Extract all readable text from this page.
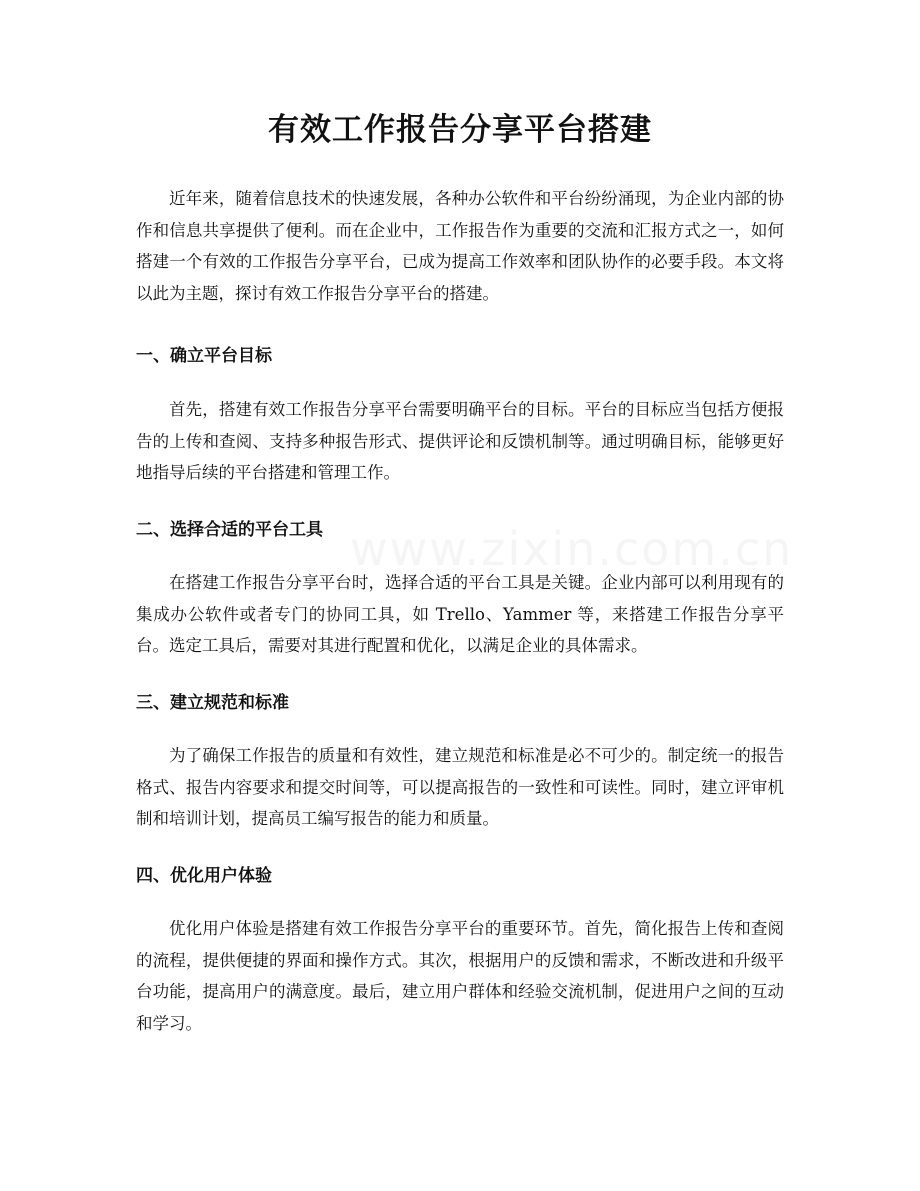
www.zixin.com.cn
有效工作报告分享平台搭建

近年来，随着信息技术的快速发展，各种办公软件和平台纷纷涌现，为企业内部的协作和信息共享提供了便利。而在企业中，工作报告作为重要的交流和汇报方式之一，如何搭建一个有效的工作报告分享平台，已成为提高工作效率和团队协作的必要手段。本文将以此为主题，探讨有效工作报告分享平台的搭建。

一、确立平台目标

首先，搭建有效工作报告分享平台需要明确平台的目标。平台的目标应当包括方便报告的上传和查阅、支持多种报告形式、提供评论和反馈机制等。通过明确目标，能够更好地指导后续的平台搭建和管理工作。

二、选择合适的平台工具

在搭建工作报告分享平台时，选择合适的平台工具是关键。企业内部可以利用现有的集成办公软件或者专门的协同工具，如 Trello、Yammer 等，来搭建工作报告分享平台。选定工具后，需要对其进行配置和优化，以满足企业的具体需求。

三、建立规范和标准

为了确保工作报告的质量和有效性，建立规范和标准是必不可少的。制定统一的报告格式、报告内容要求和提交时间等，可以提高报告的一致性和可读性。同时，建立评审机制和培训计划，提高员工编写报告的能力和质量。

四、优化用户体验

优化用户体验是搭建有效工作报告分享平台的重要环节。首先，简化报告上传和查阅的流程，提供便捷的界面和操作方式。其次，根据用户的反馈和需求，不断改进和升级平台功能，提高用户的满意度。最后，建立用户群体和经验交流机制，促进用户之间的互动和学习。
